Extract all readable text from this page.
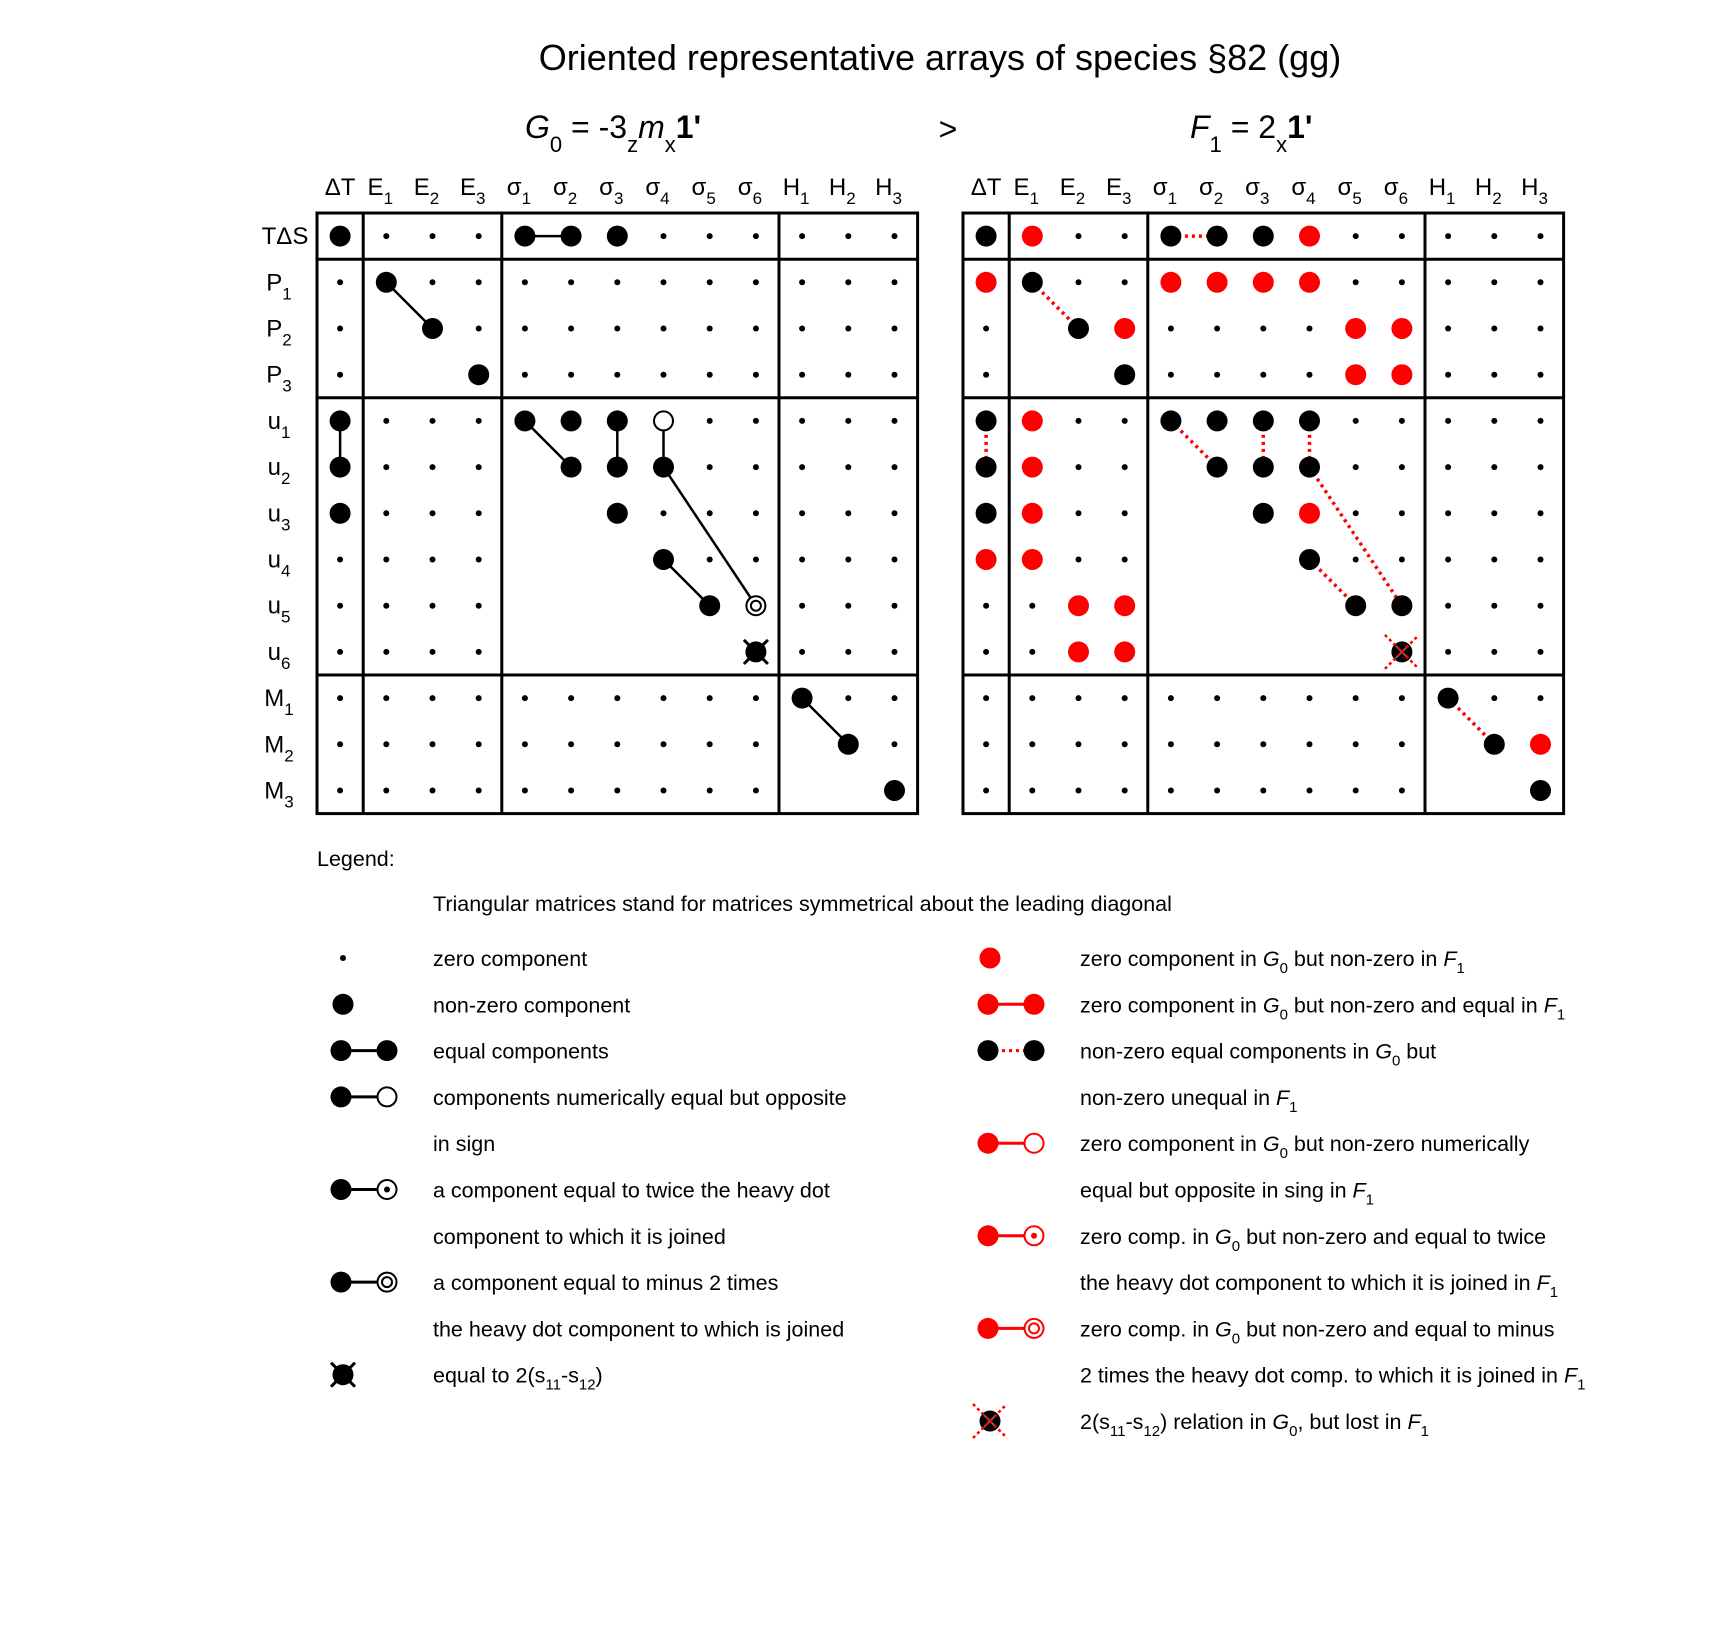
Oriented representative arrays of species §82 (gg)
$G_0 = -3_zm_x1'$	>	$F_1 = 2_x1'$
ΔT $E_1$ $E_2$ $E_3$ $\sigma_1$ $\sigma_2$ $\sigma_3$ $\sigma_4$ $\sigma_5$ $\sigma_6$ $H_1$ $H_2$ $H_3$
TΔS
$P_1$
$P_2$
$P_3$
$u_1$
$u_2$
$u_3$
$u_4$
$u_5$
$u_6$
$M_1$
$M_2$
$M_3$
ΔT $E_1$ $E_2$ $E_3$ $\sigma_1$ $\sigma_2$ $\sigma_3$ $\sigma_4$ $\sigma_5$ $\sigma_6$ $H_1$ $H_2$ $H_3$
Legend:
Triangular matrices stand for matrices symmetrical about the leading diagonal
zero component
non-zero component
equal components
components numerically equal but opposite
in sign
a component equal to twice the heavy dot
component to which it is joined
a component equal to minus 2 times
the heavy dot component to which is joined
equal to $2(s_{11}-s_{12})$
zero component in $G_0$ but non-zero in $F_1$
zero component in $G_0$ but non-zero and equal in $F_1$
non-zero equal components in $G_0$ but
non-zero unequal in $F_1$
zero component in $G_0$ but non-zero numerically
equal but opposite in sing in $F_1$
zero comp. in $G_0$ but non-zero and equal to twice
the heavy dot component to which it is joined in $F_1$
zero comp. in $G_0$ but non-zero and equal to minus
2 times the heavy dot comp. to which it is joined in $F_1$
$2(s_{11}-s_{12})$ relation in $G_0$, but lost in $F_1$
